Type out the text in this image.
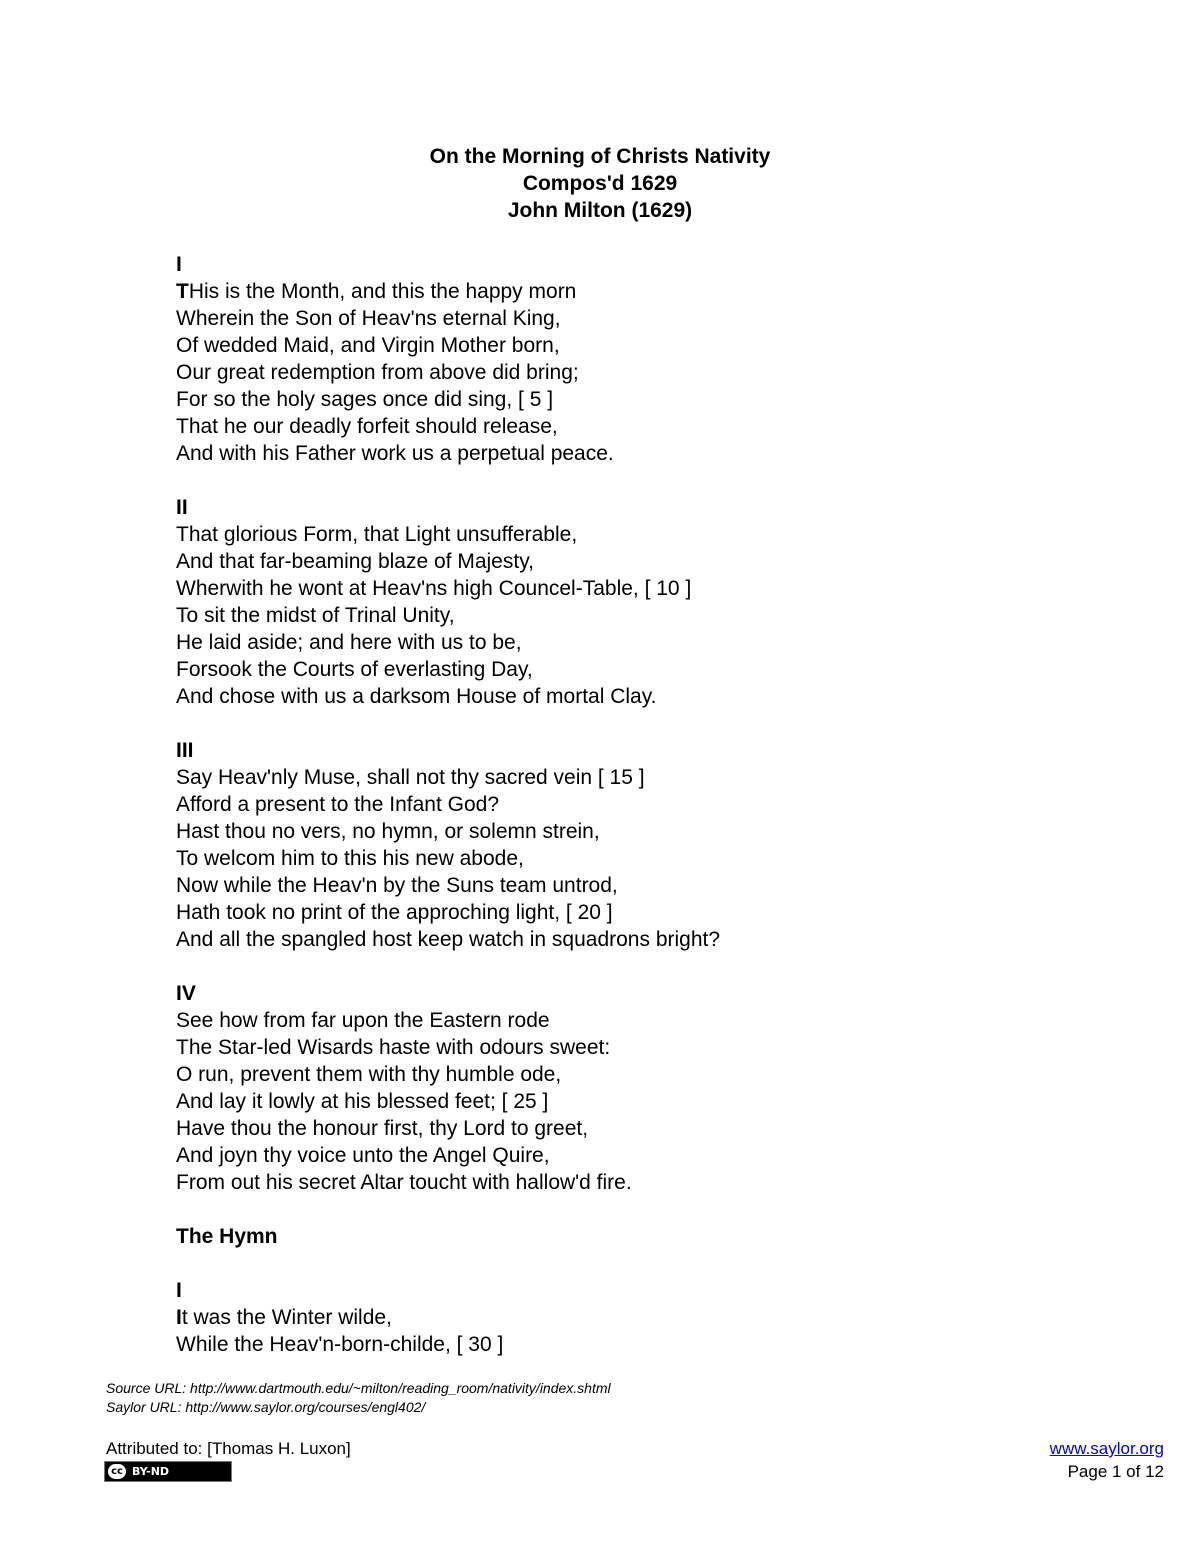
On the Morning of Christs Nativity

Compos'd 1629

John Milton (1629)

I

THis is the Month, and this the happy morn

Wherein the Son of Heav'ns eternal King,

Of wedded Maid, and Virgin Mother born,

Our great redemption from above did bring;

For so the holy sages once did sing, [ 5 ]

That he our deadly forfeit should release,

And with his Father work us a perpetual peace.

II

That glorious Form, that Light unsufferable,

And that far-beaming blaze of Majesty,

Wherwith he wont at Heav'ns high Councel-Table, [ 10 ]

To sit the midst of Trinal Unity,

He laid aside; and here with us to be,

Forsook the Courts of everlasting Day,

And chose with us a darksom House of mortal Clay.

III

Say Heav'nly Muse, shall not thy sacred vein [ 15 ]

Afford a present to the Infant God?

Hast thou no vers, no hymn, or solemn strein,

To welcom him to this his new abode,

Now while the Heav'n by the Suns team untrod,

Hath took no print of the approching light, [ 20 ]

And all the spangled host keep watch in squadrons bright?

IV

See how from far upon the Eastern rode

The Star-led Wisards haste with odours sweet:

O run, prevent them with thy humble ode,

And lay it lowly at his blessed feet; [ 25 ]

Have thou the honour first, thy Lord to greet,

And joyn thy voice unto the Angel Quire,

From out his secret Altar toucht with hallow'd fire.

The Hymn

I

It was the Winter wilde,

While the Heav'n-born-childe, [ 30 ]

Source URL: http://www.dartmouth.edu/~milton/reading_room/nativity/index.shtml
Saylor URL: http://www.saylor.org/courses/engl402/
Attributed to: [Thomas H. Luxon]
cc BY-ND
www.saylor.org
Page 1 of 12
